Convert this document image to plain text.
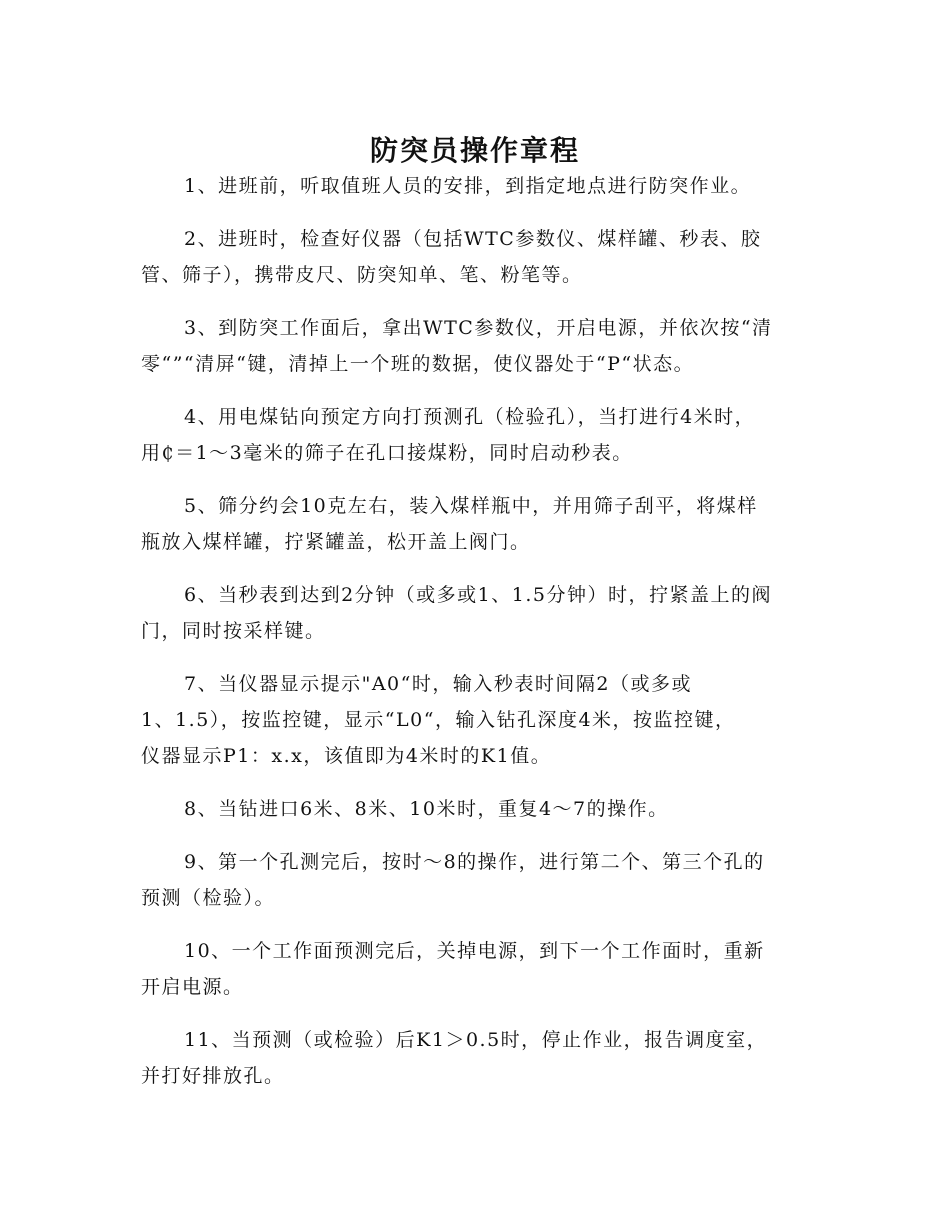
防突员操作章程

1、进班前，听取值班人员的安排，到指定地点进行防突作业。

2、进班时，检查好仪器（包括WTC参数仪、煤样罐、秒表、胶
管、筛子），携带皮尺、防突知单、笔、粉笔等。

3、到防突工作面后，拿出WTC参数仪，开启电源，并依次按“清
零“”“清屏“键，清掉上一个班的数据，使仪器处于“P“状态。

4、用电煤钻向预定方向打预测孔（检验孔），当打进行4米时，
用₵＝1～3毫米的筛子在孔口接煤粉，同时启动秒表。

5、筛分约会10克左右，装入煤样瓶中，并用筛子刮平，将煤样
瓶放入煤样罐，拧紧罐盖，松开盖上阀门。

6、当秒表到达到2分钟（或多或1、1.5分钟）时，拧紧盖上的阀
门，同时按采样键。

7、当仪器显示提示"A0“时，输入秒表时间隔2（或多或
1、1.5），按监控键，显示“L0“，输入钻孔深度4米，按监控键，
仪器显示P1：x.x，该值即为4米时的K1值。

8、当钻进口6米、8米、10米时，重复4～7的操作。

9、第一个孔测完后，按时～8的操作，进行第二个、第三个孔的
预测（检验）。

10、一个工作面预测完后，关掉电源，到下一个工作面时，重新
开启电源。

11、当预测（或检验）后K1＞0.5时，停止作业，报告调度室，
并打好排放孔。
